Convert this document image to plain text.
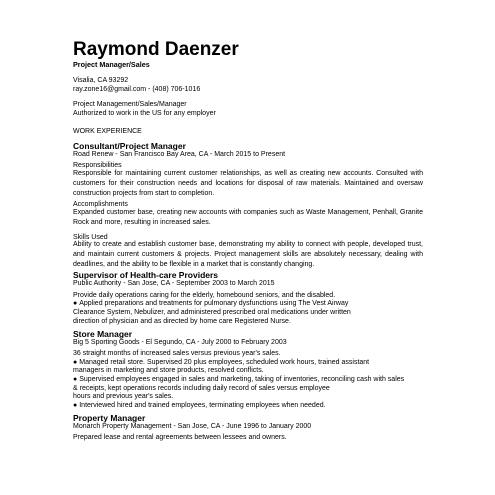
Raymond Daenzer
Project Manager/Sales
Visalia, CA 93292
ray.zone16@gmail.com - (408) 706-1016
Project Management/Sales/Manager
Authorized to work in the US for any employer
WORK EXPERIENCE
Consultant/Project Manager
Road Renew - San Francisco Bay Area, CA - March 2015 to Present
Responsibilities
Responsible for maintaining current customer relationships, as well as creating new accounts. Consulted with customers for their construction needs and locations for disposal of raw materials. Maintained and oversaw construction projects from start to completion.
Accomplishments
Expanded customer base, creating new accounts with companies such as Waste Management, Penhall, Granite Rock and more, resulting in increased sales.
Skills Used
Ability to create and establish customer base, demonstrating my ability to connect with people, developed trust, and maintain current customers & projects. Project management skills are absolutely necessary, dealing with deadlines, and the ability to be flexible in a market that is constantly changing.
Supervisor of Health-care Providers
Public Authority - San Jose, CA - September 2003 to March 2015
Provide daily operations caring for the elderly, homebound seniors, and the disabled.
● Applied preparations and treatments for pulmonary dysfunctions using The Vest Airway
Clearance System, Nebulizer, and administered prescribed oral medications under written
direction of physician and as directed by home care Registered Nurse.
Store Manager
Big 5 Sporting Goods - El Segundo, CA - July 2000 to February 2003
36 straight months of increased sales versus previous year's sales.
● Managed retail store. Supervised 20 plus employees, scheduled work hours, trained assistant
managers in marketing and store products, resolved conflicts.
● Supervised employees engaged in sales and marketing, taking of inventories, reconciling cash with sales
& receipts, kept operations records including daily record of sales versus employee
hours and previous year's sales.
● Interviewed hired and trained employees, terminating employees when needed.
Property Manager
Monarch Property Management - San Jose, CA - June 1996 to January 2000
Prepared lease and rental agreements between lessees and owners.
